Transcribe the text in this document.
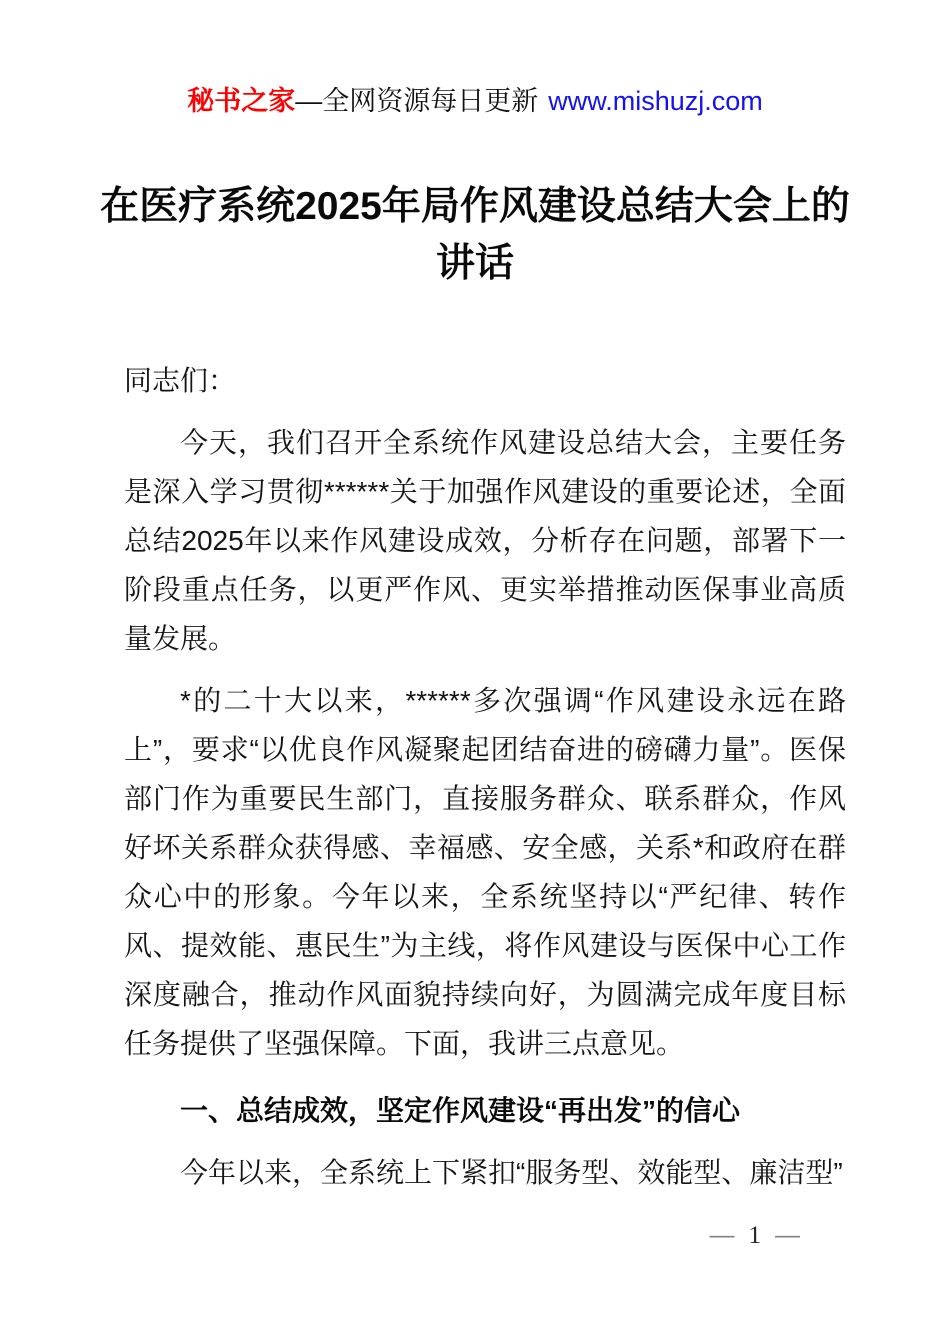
秘书之家—全网资源每日更新 www.mishuzj.com
在医疗系统2025年局作风建设总结大会上的讲话

同志们：

今天，我们召开全系统作风建设总结大会，主要任务是深入学习贯彻******关于加强作风建设的重要论述，全面总结2025年以来作风建设成效，分析存在问题，部署下一阶段重点任务，以更严作风、更实举措推动医保事业高质量发展。

*的二十大以来，******多次强调“作风建设永远在路上”，要求“以优良作风凝聚起团结奋进的磅礴力量”。医保部门作为重要民生部门，直接服务群众、联系群众，作风好坏关系群众获得感、幸福感、安全感，关系*和政府在群众心中的形象。今年以来，全系统坚持以“严纪律、转作风、提效能、惠民生”为主线，将作风建设与医保中心工作深度融合，推动作风面貌持续向好，为圆满完成年度目标任务提供了坚强保障。下面，我讲三点意见。

一、总结成效，坚定作风建设“再出发”的信心

今年以来，全系统上下紧扣“服务型、效能型、廉洁型”

— 1 —
